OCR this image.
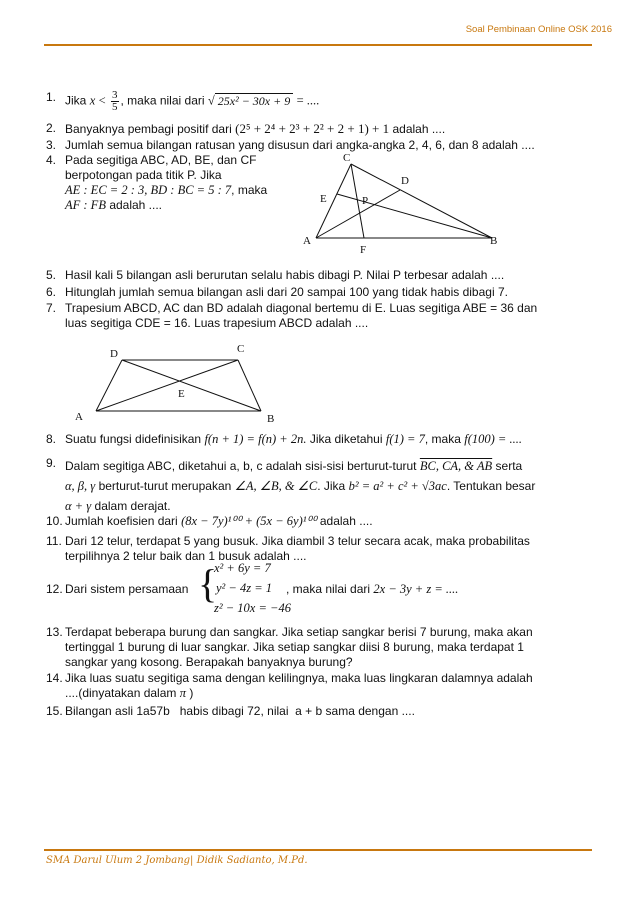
Soal Pembinaan Online OSK 2016
1. Jika $x < \frac{3}{5}$ , maka nilai dari √ 25x² − 30x + 9 = ....
2. Banyaknya pembagi positif dari (2⁵ + 2⁴ + 2³ + 2² + 2 + 1) + 1 adalah ....
3. Jumlah semua bilangan ratusan yang disusun dari angka-angka 2, 4, 6, dan 8 adalah ....
4. Pada segitiga ABC, AD, BE, dan CF
berpotongan pada titik P. Jika
AE : EC = 2 : 3, BD : BC = 5 : 7, maka
AF : FB adalah ....
C
D
E	P
A	B
F
5. Hasil kali 5 bilangan asli berurutan selalu habis dibagi P. Nilai P terbesar adalah ....
6. Hitunglah jumlah semua bilangan asli dari 20 sampai 100 yang tidak habis dibagi 7.
7. Trapesium ABCD, AC dan BD adalah diagonal bertemu di E. Luas segitiga ABE = 36 dan
luas segitiga CDE = 16. Luas trapesium ABCD adalah ....
D	C
E
A	B
8. Suatu fungsi didefinisikan f(n + 1) = f(n) + 2n. Jika diketahui f(1) = 7, maka f(100) = ....
9. Dalam segitiga ABC, diketahui a, b, c adalah sisi-sisi berturut-turut BC, CA, & AB serta
α, β, γ berturut-turut merupakan ∠A, ∠B, & ∠C. Jika b² = a² + c² + √3ac. Tentukan besar
α + γ dalam derajat.
10. Jumlah koefisien dari (8x − 7y)¹⁰⁰ + (5x − 6y)¹⁰⁰ adalah ....
11. Dari 12 telur, terdapat 5 yang busuk. Jika diambil 3 telur secara acak, maka probabilitas
terpilihnya 2 telur baik dan 1 busuk adalah ....
12. Dari sistem persamaan {
x² + 6y = 7
y² − 4z = 1
z² − 10x = −46
, maka nilai dari 2x − 3y + z = ....
13. Terdapat beberapa burung dan sangkar. Jika setiap sangkar berisi 7 burung, maka akan
tertinggal 1 burung di luar sangkar. Jika setiap sangkar diisi 8 burung, maka terdapat 1
sangkar yang kosong. Berapakah banyaknya burung?
14. Jika luas suatu segitiga sama dengan kelilingnya, maka luas lingkaran dalamnya adalah
....(dinyatakan dalam π )
15. Bilangan asli 1a57b   habis dibagi 72, nilai  a + b sama dengan ....
SMA Darul Ulum 2 Jombang| Didik Sadianto, M.Pd.
